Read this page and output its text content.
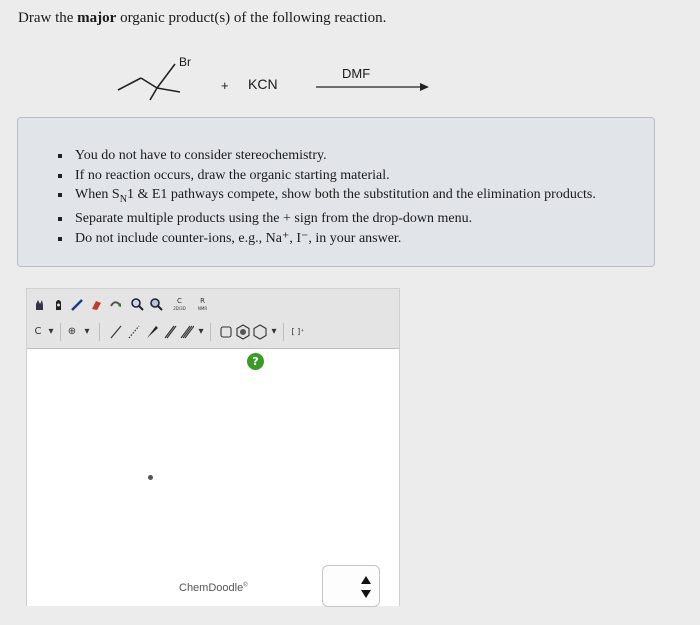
Draw the major organic product(s) of the following reaction.
Br
+ KCN
DMF
You do not have to consider stereochemistry.
If no reaction occurs, draw the organic starting material.
When $S_N1$ & E1 pathways compete, show both the substitution and the elimination products.
Separate multiple products using the + sign from the drop-down menu.
Do not include counter-ions, e.g., Na⁺, I⁻, in your answer.
C
2D/3D
R
NMR
C ▾ ⊕ ▾	▾	▾	[ ]⁺
?
ChemDoodle®
